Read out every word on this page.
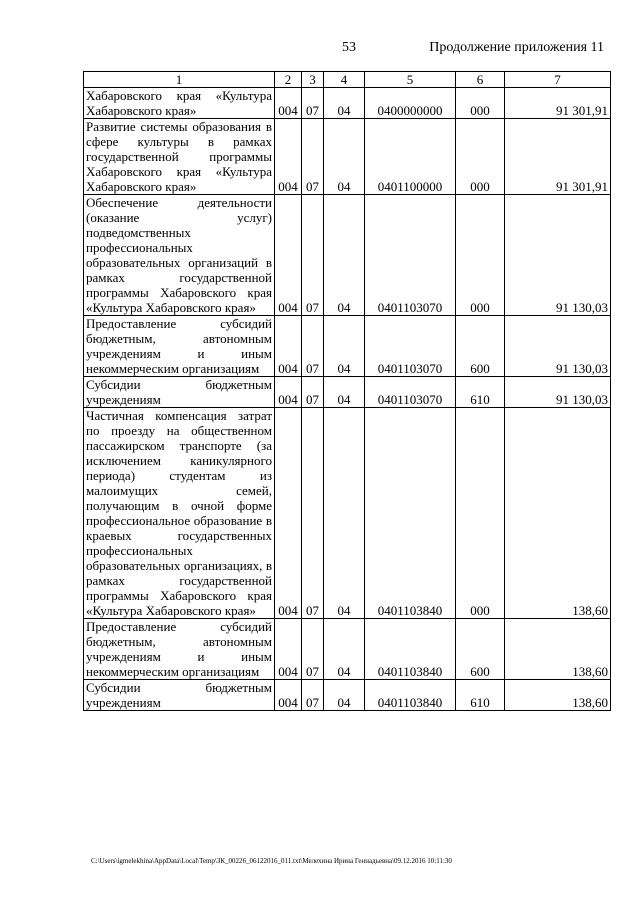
53	Продолжение приложения 11
1	2	3	4	5	6	7
Хабаровского края «Культура Хабаровского края»	004	07	04	0400000000	000	91 301,91
Развитие системы образования в сфере культуры в рамках государственной программы Хабаровского края «Культура Хабаровского края»	004	07	04	0401100000	000	91 301,91
Обеспечение деятельности (оказание услуг) подведомственных профессиональных образовательных организаций в рамках государственной программы Хабаровского края «Культура Хабаровского края»	004	07	04	0401103070	000	91 130,03
Предоставление субсидий бюджетным, автономным учреждениям и иным некоммерческим организациям	004	07	04	0401103070	600	91 130,03
Субсидии бюджетным учреждениям	004	07	04	0401103070	610	91 130,03
Частичная компенсация затрат по проезду на общественном пассажирском транспорте (за исключением каникулярного периода) студентам из малоимущих семей, получающим в очной форме профессиональное образование в краевых государственных профессиональных образовательных организациях, в рамках государственной программы Хабаровского края «Культура Хабаровского края»	004	07	04	0401103840	000	138,60
Предоставление субсидий бюджетным, автономным учреждениям и иным некоммерческим организациям	004	07	04	0401103840	600	138,60
Субсидии бюджетным учреждениям	004	07	04	0401103840	610	138,60
C:\Users\igmelekhina\AppData\Local\Temp\ЗК_00226_06122016_011.txt\Мелехина Ирина Геннадьевна\09.12.2016 10:11:30
